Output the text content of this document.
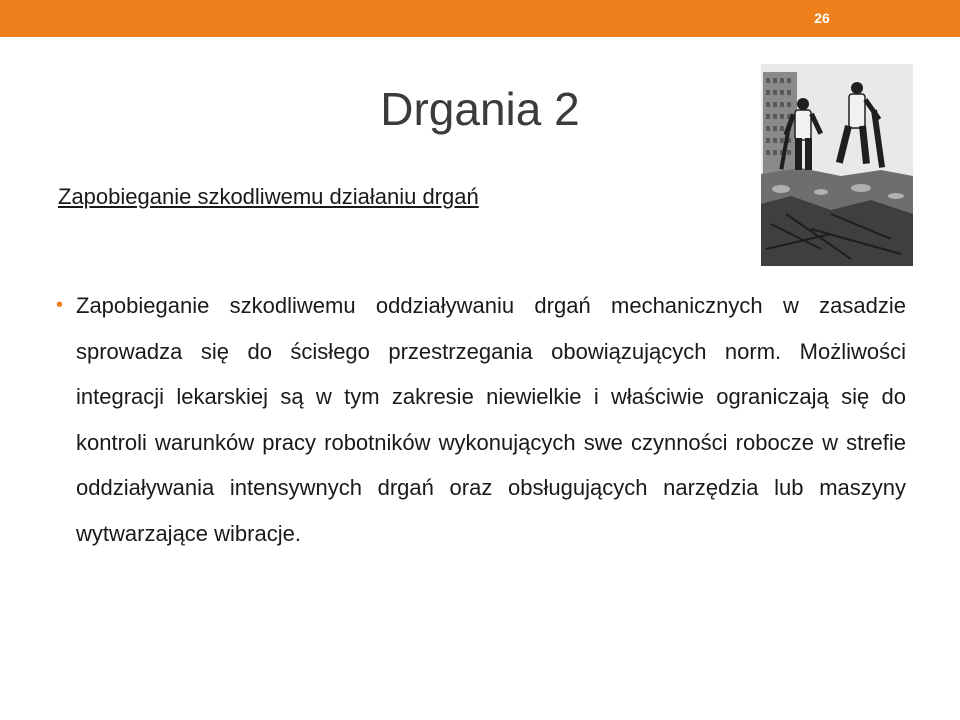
26
Drgania 2
Zapobieganie szkodliwemu działaniu drgań
• Zapobieganie szkodliwemu oddziaływaniu drgań mechanicznych w zasadzie sprowadza się do ścisłego przestrzegania obowiązujących norm. Możliwości integracji lekarskiej są w tym zakresie niewielkie i właściwie ograniczają się do kontroli warunków pracy robotników wykonujących swe czynności robocze w strefie oddziaływania intensywnych drgań oraz obsługujących narzędzia lub maszyny wytwarzające wibracje.
